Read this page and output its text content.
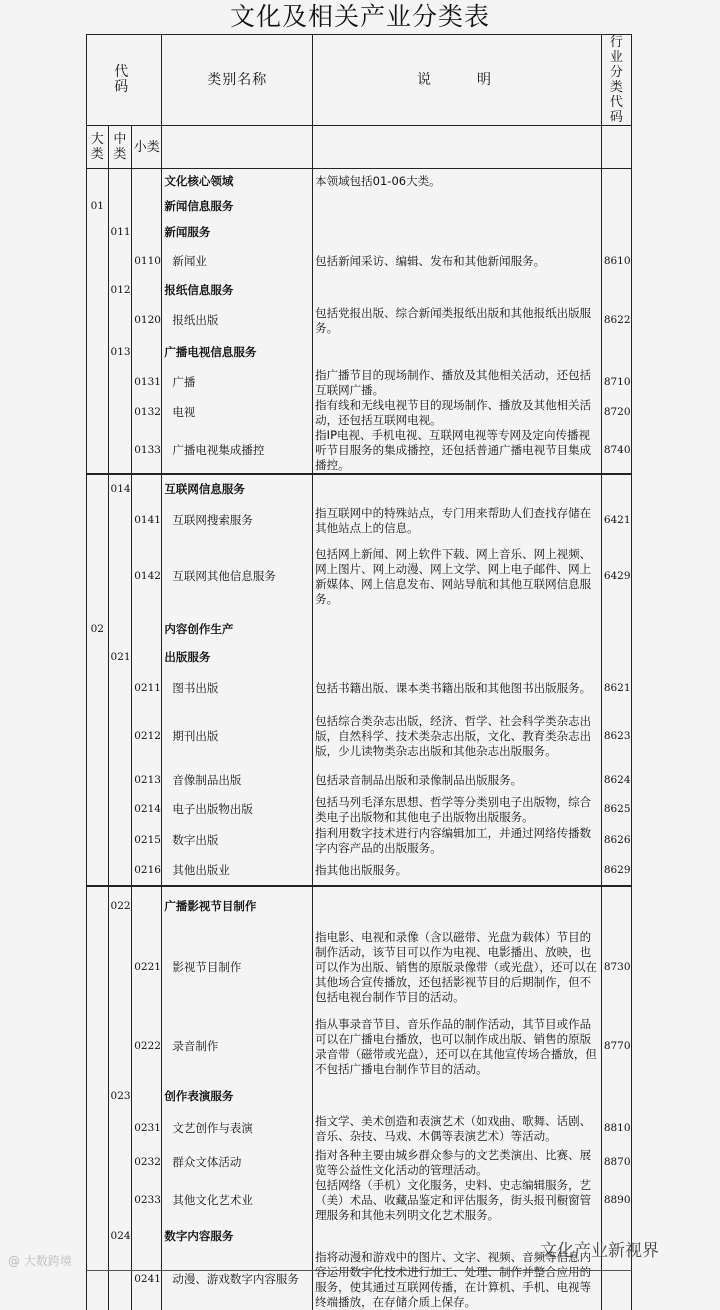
文化及相关产业分类表
代　　码			类别名称	说　　明	行业分类代码
大类	中类	小类			
			文化核心领域	本领域包括01-06大类。	
01			新闻信息服务		
	011		新闻服务		
		0110	新闻业	包括新闻采访、编辑、发布和其他新闻服务。	8610
	012		报纸信息服务		
		0120	报纸出版	包括党报出版、综合新闻类报纸出版和其他报纸出版服务。	8622
	013		广播电视信息服务		
		0131	广播	指广播节目的现场制作、播放及其他相关活动，还包括互联网广播。	8710
		0132	电视	指有线和无线电视节目的现场制作、播放及其他相关活动，还包括互联网电视。	8720
		0133	广播电视集成播控	指IP电视、手机电视、互联网电视等专网及定向传播视听节目服务的集成播控，还包括普通广播电视节目集成播控。	8740
	014		互联网信息服务		
		0141	互联网搜索服务	指互联网中的特殊站点，专门用来帮助人们查找存储在其他站点上的信息。	6421
		0142	互联网其他信息服务	包括网上新闻、网上软件下载、网上音乐、网上视频、网上图片、网上动漫、网上文学、网上电子邮件、网上新媒体、网上信息发布、网站导航和其他互联网信息服务。	6429
02			内容创作生产		
	021		出版服务		
		0211	图书出版	包括书籍出版、课本类书籍出版和其他图书出版服务。	8621
		0212	期刊出版	包括综合类杂志出版，经济、哲学、社会科学类杂志出版，自然科学、技术类杂志出版，文化、教育类杂志出版，少儿读物类杂志出版和其他杂志出版服务。	8623
		0213	音像制品出版	包括录音制品出版和录像制品出版服务。	8624
		0214	电子出版物出版	包括马列毛泽东思想、哲学等分类别电子出版物，综合类电子出版物和其他电子出版物出版服务。	8625
		0215	数字出版	指利用数字技术进行内容编辑加工，并通过网络传播数字内容产品的出版服务。	8626
		0216	其他出版业	指其他出版服务。	8629
	022		广播影视节目制作		
		0221	影视节目制作	指电影、电视和录像（含以磁带、光盘为载体）节目的制作活动，该节目可以作为电视、电影播出、放映，也可以作为出版、销售的原版录像带（或光盘），还可以在其他场合宣传播放，还包括影视节目的后期制作，但不包括电视台制作节目的活动。	8730
		0222	录音制作	指从事录音节目、音乐作品的制作活动，其节目或作品可以在广播电台播放，也可以制作成出版、销售的原版录音带（磁带或光盘），还可以在其他宣传场合播放，但不包括广播电台制作节目的活动。	8770
	023		创作表演服务		
		0231	文艺创作与表演	指文学、美术创造和表演艺术（如戏曲、歌舞、话剧、音乐、杂技、马戏、木偶等表演艺术）等活动。	8810
		0232	群众文体活动	指对各种主要由城乡群众参与的文艺类演出、比赛、展览等公益性文化活动的管理活动。	8870
		0233	其他文化艺术业	包括网络（手机）文化服务，史料、史志编辑服务，艺（美）术品、收藏品鉴定和评估服务，街头报刊橱窗管理服务和其他未列明文化艺术服务。	8890
	024		数字内容服务		
		0241	动漫、游戏数字内容服务	指将动漫和游戏中的图片、文字、视频、音频等信息内容运用数字化技术进行加工、处理、制作并整合应用的服务，使其通过互联网传播，在计算机、手机、电视等终端播放，在存储介质上保存。	
@ 大数跨境	文化产业新视界
